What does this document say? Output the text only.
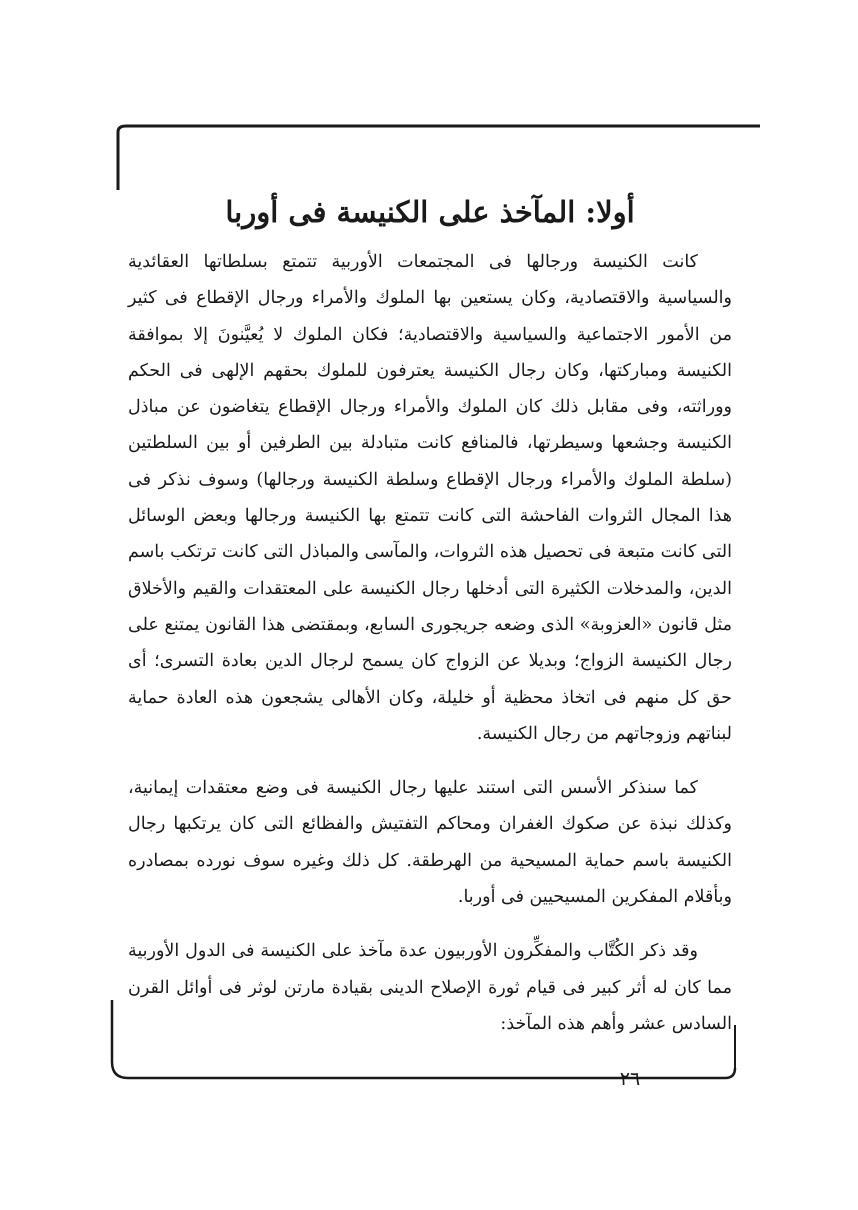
أولا: المآخذ على الكنيسة فى أوربا

كانت الكنيسة ورجالها فى المجتمعات الأوربية تتمتع بسلطاتها العقائدية والسياسية والاقتصادية، وكان يستعين بها الملوك والأمراء ورجال الإقطاع فى كثير من الأمور الاجتماعية والسياسية والاقتصادية؛ فكان الملوك لا يُعيَّنونَ إلا بموافقة الكنيسة ومباركتها، وكان رجال الكنيسة يعترفون للملوك بحقهم الإلهى فى الحكم ووراثته، وفى مقابل ذلك كان الملوك والأمراء ورجال الإقطاع يتغاضون عن مباذل الكنيسة وجشعها وسيطرتها، فالمنافع كانت متبادلة بين الطرفين أو بين السلطتين (سلطة الملوك والأمراء ورجال الإقطاع وسلطة الكنيسة ورجالها) وسوف نذكر فى هذا المجال الثروات الفاحشة التى كانت تتمتع بها الكنيسة ورجالها وبعض الوسائل التى كانت متبعة فى تحصيل هذه الثروات، والمآسى والمباذل التى كانت ترتكب باسم الدين، والمدخلات الكثيرة التى أدخلها رجال الكنيسة على المعتقدات والقيم والأخلاق مثل قانون «العزوبة» الذى وضعه جريجورى السابع، وبمقتضى هذا القانون يمتنع على رجال الكنيسة الزواج؛ وبديلا عن الزواج كان يسمح لرجال الدين بعادة التسرى؛ أى حق كل منهم فى اتخاذ محظية أو خليلة، وكان الأهالى يشجعون هذه العادة حماية لبناتهم وزوجاتهم من رجال الكنيسة.

كما سنذكر الأسس التى استند عليها رجال الكنيسة فى وضع معتقدات إيمانية، وكذلك نبذة عن صكوك الغفران ومحاكم التفتيش والفظائع التى كان يرتكبها رجال الكنيسة باسم حماية المسيحية من الهرطقة. كل ذلك وغيره سوف نورده بمصادره وبأقلام المفكرين المسيحيين فى أوربا.

وقد ذكر الكُتَّاب والمفكِّرون الأوربيون عدة مآخذ على الكنيسة فى الدول الأوربية مما كان له أثر كبير فى قيام ثورة الإصلاح الدينى بقيادة مارتن لوثر فى أوائل القرن السادس عشر وأهم هذه المآخذ:

٢٦
